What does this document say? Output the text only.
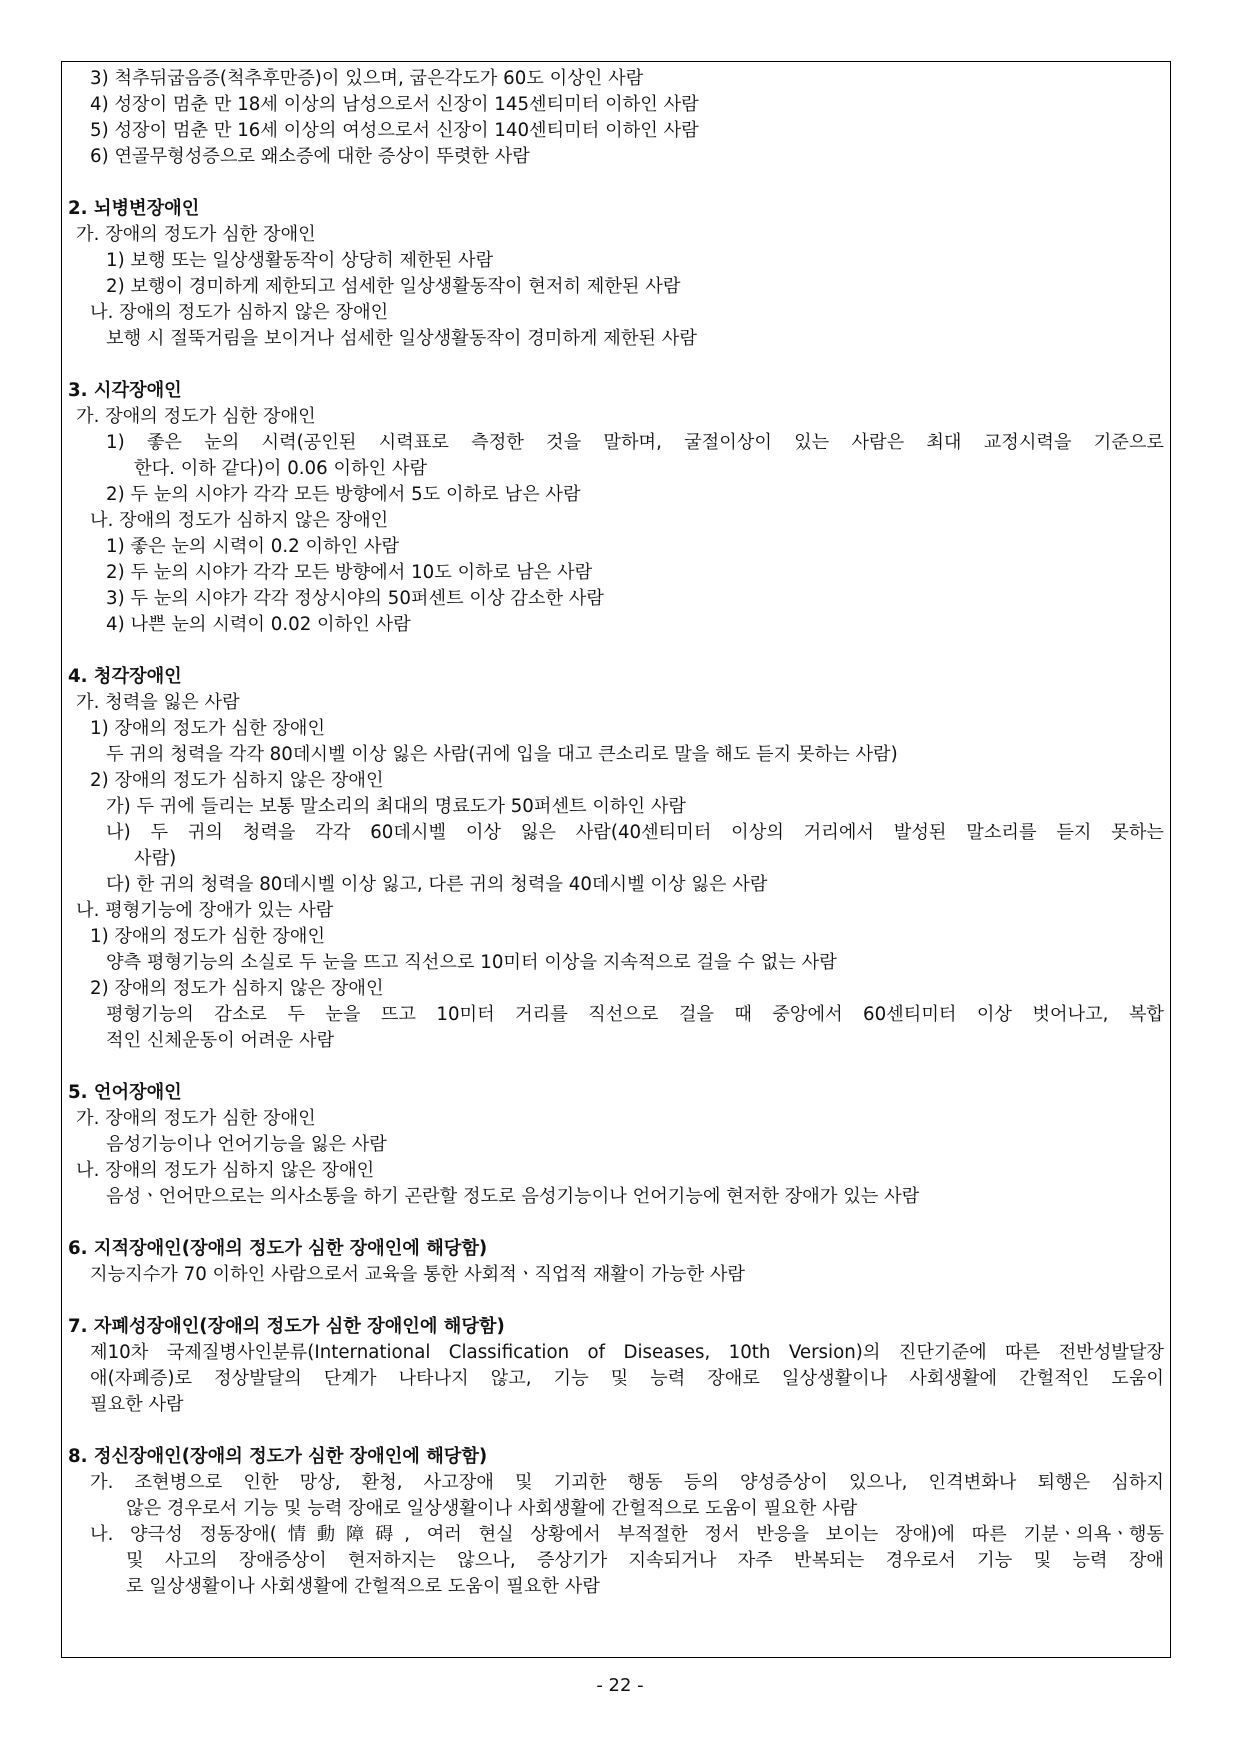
3) 척추뒤굽음증(척추후만증)이 있으며, 굽은각도가 60도 이상인 사람
4) 성장이 멈춘 만 18세 이상의 남성으로서 신장이 145센티미터 이하인 사람
5) 성장이 멈춘 만 16세 이상의 여성으로서 신장이 140센티미터 이하인 사람
6) 연골무형성증으로 왜소증에 대한 증상이 뚜렷한 사람
2. 뇌병변장애인
가. 장애의 정도가 심한 장애인
1) 보행 또는 일상생활동작이 상당히 제한된 사람
2) 보행이 경미하게 제한되고 섬세한 일상생활동작이 현저히 제한된 사람
나. 장애의 정도가 심하지 않은 장애인
보행 시 절뚝거림을 보이거나 섬세한 일상생활동작이 경미하게 제한된 사람
3. 시각장애인
가. 장애의 정도가 심한 장애인
1) 좋은 눈의 시력(공인된 시력표로 측정한 것을 말하며, 굴절이상이 있는 사람은 최대 교정시력을 기준으로
한다. 이하 같다)이 0.06 이하인 사람
2) 두 눈의 시야가 각각 모든 방향에서 5도 이하로 남은 사람
나. 장애의 정도가 심하지 않은 장애인
1) 좋은 눈의 시력이 0.2 이하인 사람
2) 두 눈의 시야가 각각 모든 방향에서 10도 이하로 남은 사람
3) 두 눈의 시야가 각각 정상시야의 50퍼센트 이상 감소한 사람
4) 나쁜 눈의 시력이 0.02 이하인 사람
4. 청각장애인
가. 청력을 잃은 사람
1) 장애의 정도가 심한 장애인
두 귀의 청력을 각각 80데시벨 이상 잃은 사람(귀에 입을 대고 큰소리로 말을 해도 듣지 못하는 사람)
2) 장애의 정도가 심하지 않은 장애인
가) 두 귀에 들리는 보통 말소리의 최대의 명료도가 50퍼센트 이하인 사람
나) 두 귀의 청력을 각각 60데시벨 이상 잃은 사람(40센티미터 이상의 거리에서 발성된 말소리를 듣지 못하는
사람)
다) 한 귀의 청력을 80데시벨 이상 잃고, 다른 귀의 청력을 40데시벨 이상 잃은 사람
나. 평형기능에 장애가 있는 사람
1) 장애의 정도가 심한 장애인
양측 평형기능의 소실로 두 눈을 뜨고 직선으로 10미터 이상을 지속적으로 걸을 수 없는 사람
2) 장애의 정도가 심하지 않은 장애인
평형기능의 감소로 두 눈을 뜨고 10미터 거리를 직선으로 걸을 때 중앙에서 60센티미터 이상 벗어나고, 복합
적인 신체운동이 어려운 사람
5. 언어장애인
가. 장애의 정도가 심한 장애인
음성기능이나 언어기능을 잃은 사람
나. 장애의 정도가 심하지 않은 장애인
음성ㆍ언어만으로는 의사소통을 하기 곤란할 정도로 음성기능이나 언어기능에 현저한 장애가 있는 사람
6. 지적장애인(장애의 정도가 심한 장애인에 해당함)
지능지수가 70 이하인 사람으로서 교육을 통한 사회적ㆍ직업적 재활이 가능한 사람
7. 자폐성장애인(장애의 정도가 심한 장애인에 해당함)
제10차 국제질병사인분류(International Classification of Diseases, 10th Version)의 진단기준에 따른 전반성발달장
애(자폐증)로 정상발달의 단계가 나타나지 않고, 기능 및 능력 장애로 일상생활이나 사회생활에 간헐적인 도움이
필요한 사람
8. 정신장애인(장애의 정도가 심한 장애인에 해당함)
가. 조현병으로 인한 망상, 환청, 사고장애 및 기괴한 행동 등의 양성증상이 있으나, 인격변화나 퇴행은 심하지
않은 경우로서 기능 및 능력 장애로 일상생활이나 사회생활에 간헐적으로 도움이 필요한 사람
나. 양극성 정동장애(情動障碍, 여러 현실 상황에서 부적절한 정서 반응을 보이는 장애)에 따른 기분ㆍ의욕ㆍ행동
및 사고의 장애증상이 현저하지는 않으나, 증상기가 지속되거나 자주 반복되는 경우로서 기능 및 능력 장애
로 일상생활이나 사회생활에 간헐적으로 도움이 필요한 사람
- 22 -
